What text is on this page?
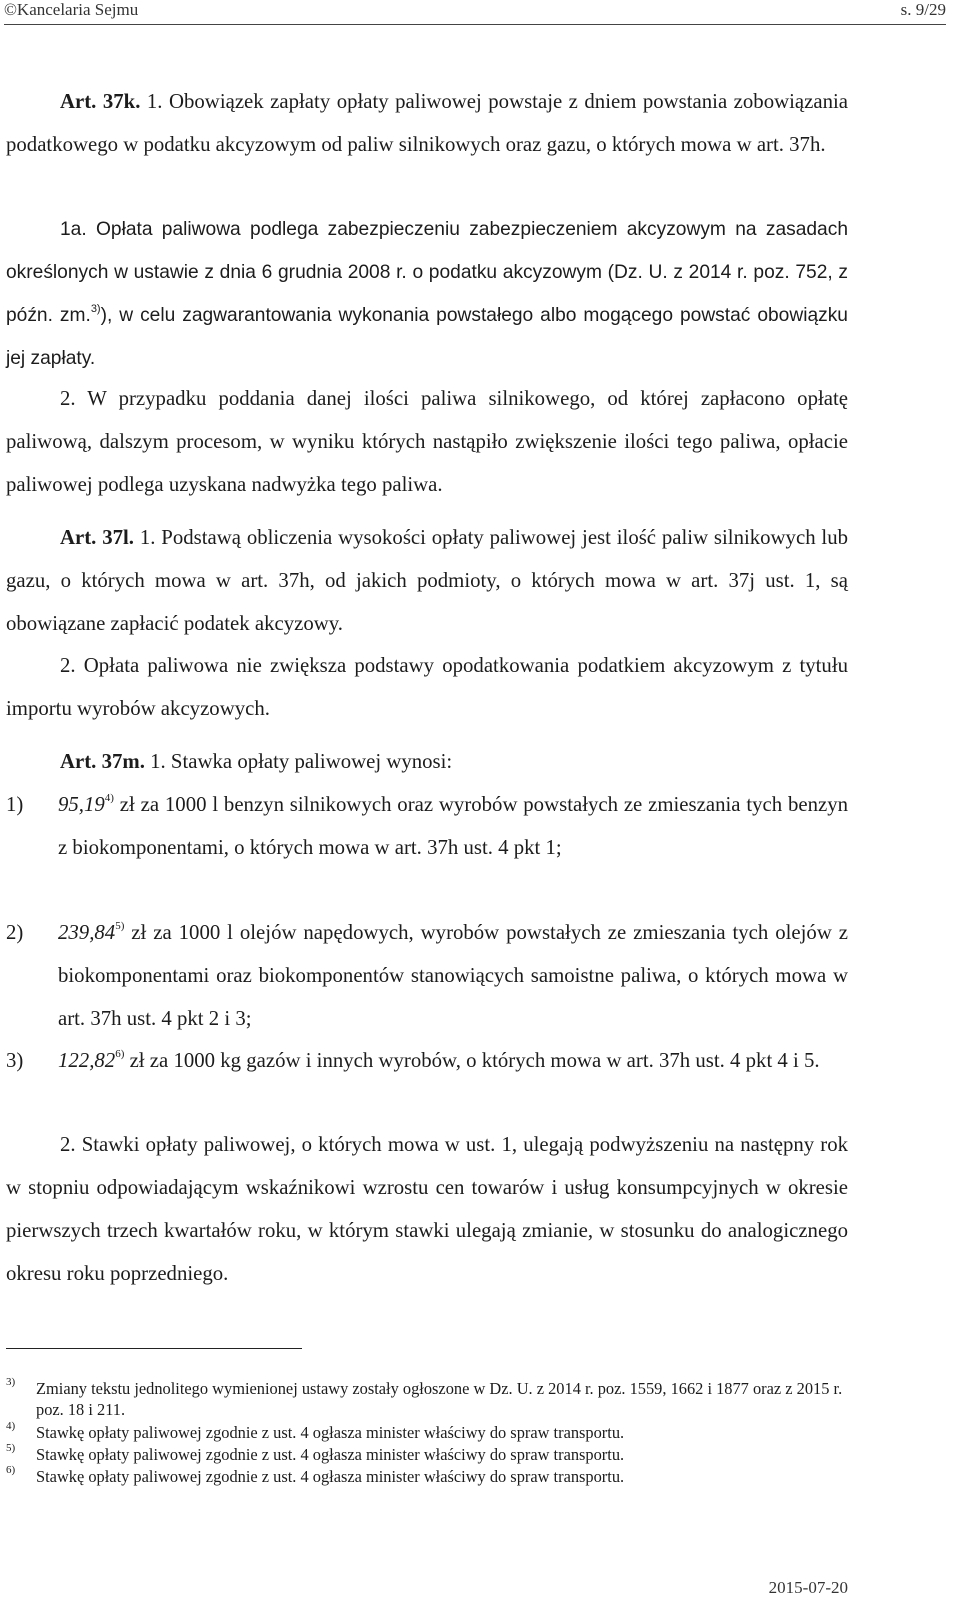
©Kancelaria Sejmu	s. 9/29
Art. 37k. 1. Obowiązek zapłaty opłaty paliwowej powstaje z dniem powstania zobowiązania podatkowego w podatku akcyzowym od paliw silnikowych oraz gazu, o których mowa w art. 37h.
1a. Opłata paliwowa podlega zabezpieczeniu zabezpieczeniem akcyzowym na zasadach określonych w ustawie z dnia 6 grudnia 2008 r. o podatku akcyzowym (Dz. U. z 2014 r. poz. 752, z późn. zm.$^{3)}$), w celu zagwarantowania wykonania powstałego albo mogącego powstać obowiązku jej zapłaty.
2. W przypadku poddania danej ilości paliwa silnikowego, od której zapłacono opłatę paliwową, dalszym procesom, w wyniku których nastąpiło zwiększenie ilości tego paliwa, opłacie paliwowej podlega uzyskana nadwyżka tego paliwa.
Art. 37l. 1. Podstawą obliczenia wysokości opłaty paliwowej jest ilość paliw silnikowych lub gazu, o których mowa w art. 37h, od jakich podmioty, o których mowa w art. 37j ust. 1, są obowiązane zapłacić podatek akcyzowy.
2. Opłata paliwowa nie zwiększa podstawy opodatkowania podatkiem akcyzowym z tytułu importu wyrobów akcyzowych.
Art. 37m. 1. Stawka opłaty paliwowej wynosi:
1) 95,19$^{4)}$ zł za 1000 l benzyn silnikowych oraz wyrobów powstałych ze zmieszania tych benzyn z biokomponentami, o których mowa w art. 37h ust. 4 pkt 1;
2) 239,84$^{5)}$ zł za 1000 l olejów napędowych, wyrobów powstałych ze zmieszania tych olejów z biokomponentami oraz biokomponentów stanowiących samoistne paliwa, o których mowa w art. 37h ust. 4 pkt 2 i 3;
3) 122,82$^{6)}$ zł za 1000 kg gazów i innych wyrobów, o których mowa w art. 37h ust. 4 pkt 4 i 5.
2. Stawki opłaty paliwowej, o których mowa w ust. 1, ulegają podwyższeniu na następny rok w stopniu odpowiadającym wskaźnikowi wzrostu cen towarów i usług konsumpcyjnych w okresie pierwszych trzech kwartałów roku, w którym stawki ulegają zmianie, w stosunku do analogicznego okresu roku poprzedniego.
3) Zmiany tekstu jednolitego wymienionej ustawy zostały ogłoszone w Dz. U. z 2014 r. poz. 1559, 1662 i 1877 oraz z 2015 r. poz. 18 i 211.
4) Stawkę opłaty paliwowej zgodnie z ust. 4 ogłasza minister właściwy do spraw transportu.
5) Stawkę opłaty paliwowej zgodnie z ust. 4 ogłasza minister właściwy do spraw transportu.
6) Stawkę opłaty paliwowej zgodnie z ust. 4 ogłasza minister właściwy do spraw transportu.
2015-07-20
